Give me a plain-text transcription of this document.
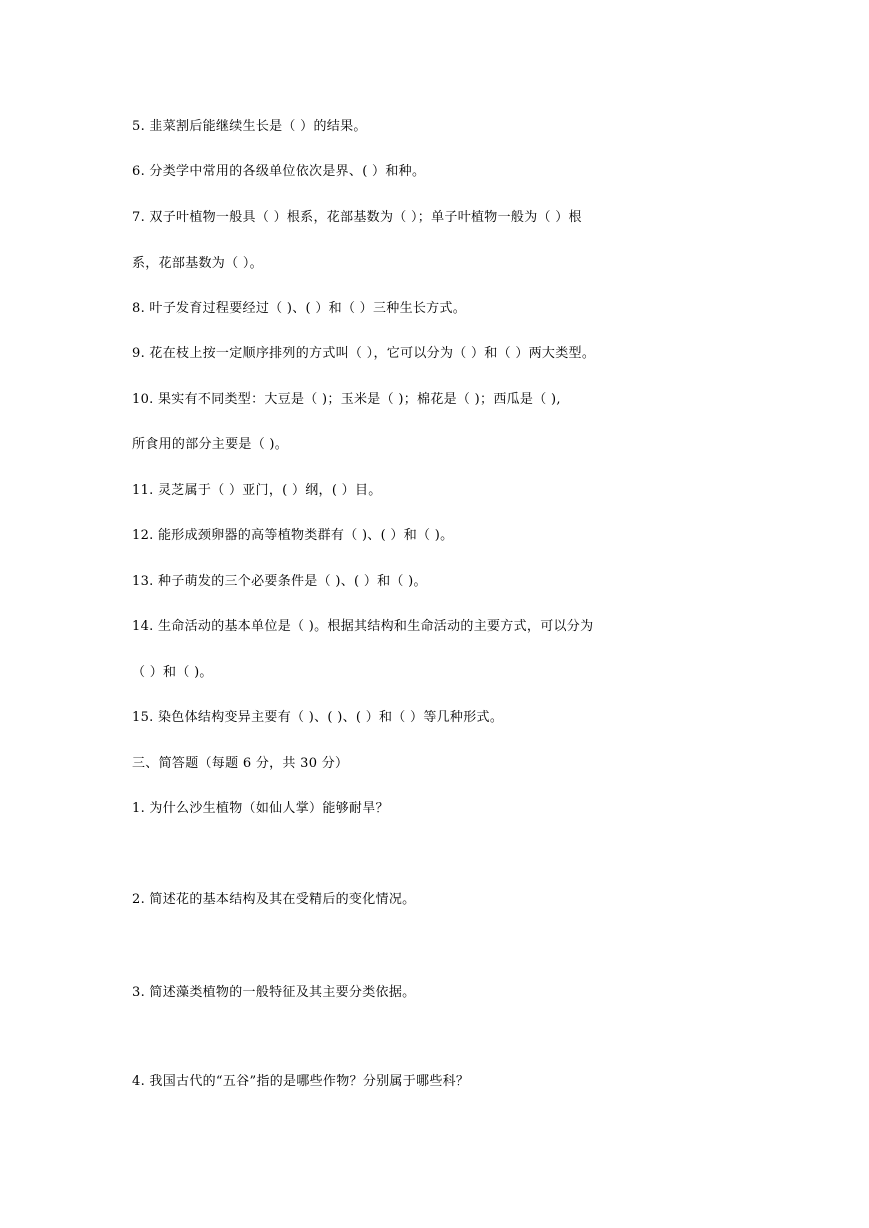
5. 韭菜割后能继续生长是（ ）的结果。
6. 分类学中常用的各级单位依次是界、( ）和种。
7. 双子叶植物一般具（ ）根系，花部基数为（ ）；单子叶植物一般为（ ）根
系，花部基数为（ ）。
8. 叶子发育过程要经过（ )、( ）和（ ）三种生长方式。
9. 花在枝上按一定顺序排列的方式叫（ ），它可以分为（ ）和（ ）两大类型。
10. 果实有不同类型：大豆是（ )；玉米是（ )；棉花是（ )；西瓜是（ ),
所食用的部分主要是（ )。
11. 灵芝属于（ ）亚门，( ）纲，( ）目。
12. 能形成颈卵器的高等植物类群有（ )、( ）和（ )。
13. 种子萌发的三个必要条件是（ )、( ）和（ )。
14. 生命活动的基本单位是（ )。根据其结构和生命活动的主要方式，可以分为
（ ）和（ )。
15. 染色体结构变异主要有（ )、( )、( ）和（ ）等几种形式。
三、简答题（每题 6 分，共 30 分）
1. 为什么沙生植物（如仙人掌）能够耐旱？
2. 简述花的基本结构及其在受精后的变化情况。
3. 简述藻类植物的一般特征及其主要分类依据。
4. 我国古代的“五谷”指的是哪些作物？分别属于哪些科？
